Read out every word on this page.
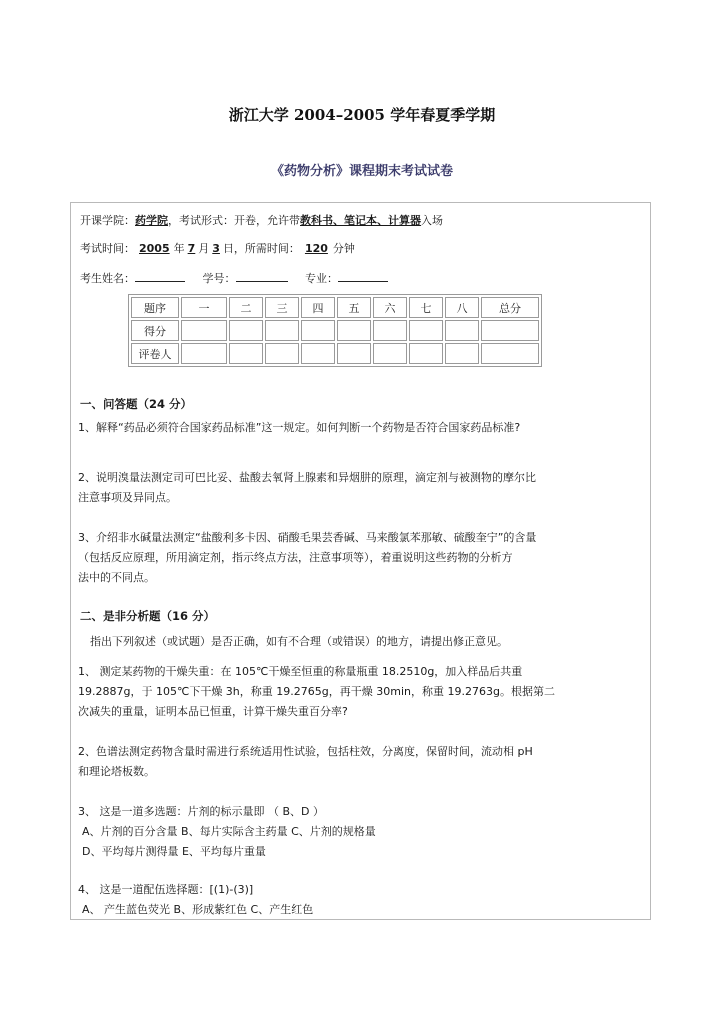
浙江大学 2004–2005 学年春夏季学期
《药物分析》课程期末考试试卷
开课学院：药学院，考试形式：开卷，允许带教科书、笔记本、计算器入场
考试时间： 2005 年 7 月 3 日，所需时间： 120 分钟
考生姓名：	学号：	专业：
题序	一	二	三	四	五	六	七	八	总分
得分									
评卷人									
一、问答题（24 分）
1、解释“药品必须符合国家药品标准”这一规定。如何判断一个药物是否符合国家药品标准?
2、说明溴量法测定司可巴比妥、盐酸去氧肾上腺素和异烟肼的原理，滴定剂与被测物的摩尔比
注意事项及异同点。
3、介绍非水碱量法测定“盐酸利多卡因、硝酸毛果芸香碱、马来酸氯苯那敏、硫酸奎宁”的含量
（包括反应原理，所用滴定剂，指示终点方法，注意事项等），着重说明这些药物的分析方
法中的不同点。
二、是非分析题（16 分）
指出下列叙述（或试题）是否正确，如有不合理（或错误）的地方，请提出修正意见。
1、 测定某药物的干燥失重：在 105℃干燥至恒重的称量瓶重 18.2510g，加入样品后共重
19.2887g，于 105℃下干燥 3h，称重 19.2765g，再干燥 30min，称重 19.2763g。根据第二
次减失的重量，证明本品已恒重，计算干燥失重百分率?
2、色谱法测定药物含量时需进行系统适用性试验，包括柱效，分离度，保留时间，流动相 pH
和理论塔板数。
3、 这是一道多选题：片剂的标示量即 （ B、D ）
A、片剂的百分含量 B、每片实际含主药量 C、片剂的规格量
D、平均每片测得量 E、平均每片重量
4、 这是一道配伍选择题：[(1)-(3)]
A、 产生蓝色荧光 B、形成紫红色 C、产生红色
